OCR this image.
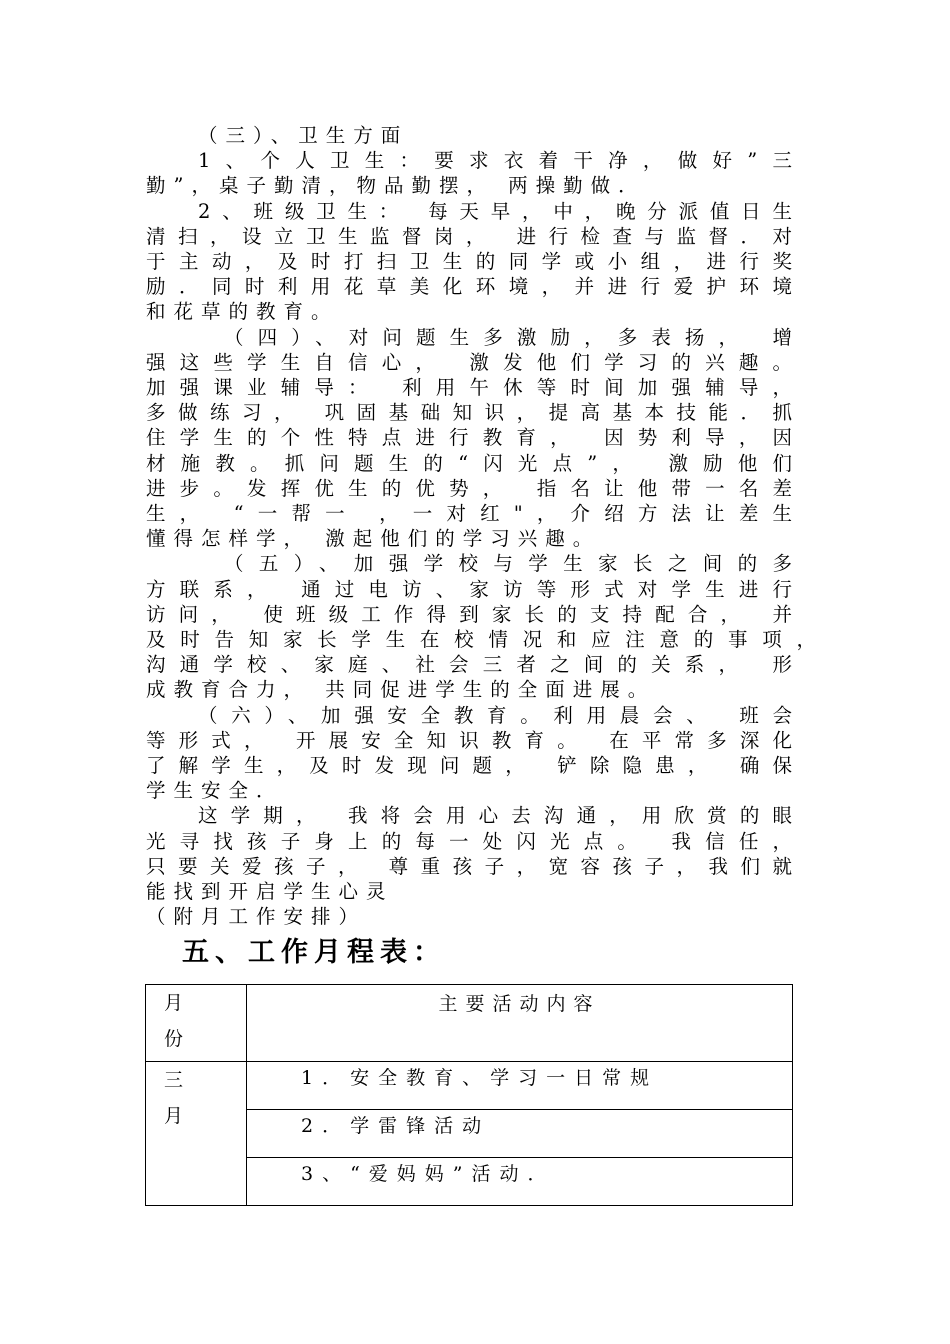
（三）、卫生方面
1、个人卫生：要求衣着干净，做好”三
勤”，桌子勤清，物品勤摆， 两操勤做．
2、班级卫生： 每天早，中，晚分派值日生
清扫，设立卫生监督岗， 进行检查与监督．对
于主动，及时打扫卫生的同学或小组，进行奖
励．同时利用花草美化环境，并进行爱护环境
和花草的教育。
（四）、对问题生多激励，多表扬， 增
强这些学生自信心， 激发他们学习的兴趣。
加强课业辅导： 利用午休等时间加强辅导，
多做练习， 巩固基础知识，提高基本技能．抓
住学生的个性特点进行教育， 因势利导，因
材施教。抓问题生的“闪光点”， 激励他们
进步。发挥优生的优势， 指名让他带一名差
生， “一帮一 ，一对红"，介绍方法让差生
懂得怎样学， 激起他们的学习兴趣。
（五）、加强学校与学生家长之间的多
方联系， 通过电访、家访等形式对学生进行
访问， 使班级工作得到家长的支持配合， 并
及时告知家长学生在校情况和应注意的事项，
沟通学校、家庭、社会三者之间的关系， 形
成教育合力， 共同促进学生的全面进展。
（六）、加强安全教育。利用晨会、 班会
等形式， 开展安全知识教育。 在平常多深化
了解学生，及时发现问题， 铲除隐患， 确保
学生安全．
这学期， 我将会用心去沟通，用欣赏的眼
光寻找孩子身上的每一处闪光点。 我信任，
只要关爱孩子， 尊重孩子，宽容孩子，我们就
能找到开启学生心灵
（附月工作安排）
五、工作月程表：
月份	主要活动内容

三月	1．安全教育、学习一日常规
	2．学雷锋活动
	3、“爱妈妈”活动．
